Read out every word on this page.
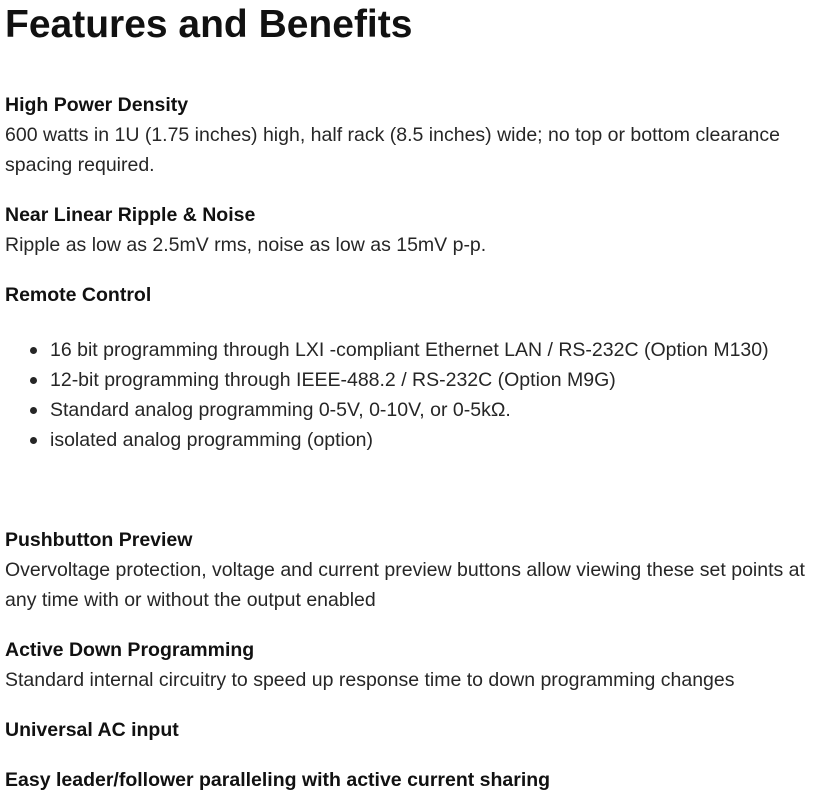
Features and Benefits
High Power Density

600 watts in 1U (1.75 inches) high, half rack (8.5 inches) wide; no top or bottom clearance spacing required.

Near Linear Ripple & Noise

Ripple as low as 2.5mV rms, noise as low as 15mV p-p.

Remote Control
16 bit programming through LXI -compliant Ethernet LAN / RS-232C (Option M130)
12-bit programming through IEEE-488.2 / RS-232C (Option M9G)
Standard analog programming 0-5V, 0-10V, or 0-5kΩ.
isolated analog programming (option)
Pushbutton Preview

Overvoltage protection, voltage and current preview buttons allow viewing these set points at any time with or without the output enabled

Active Down Programming

Standard internal circuitry to speed up response time to down programming changes

Universal AC input
Easy leader/follower paralleling with active current sharing
